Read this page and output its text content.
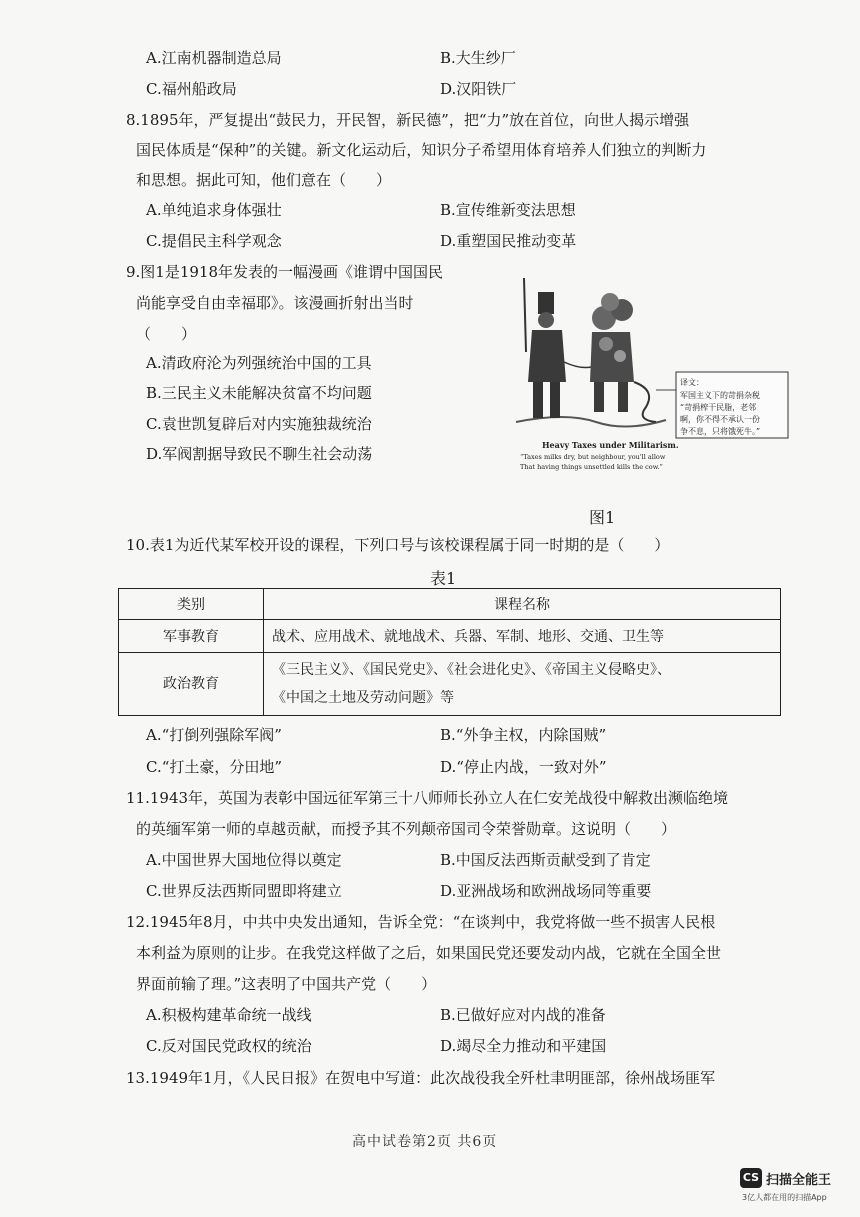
A.江南机器制造总局	B.大生纱厂
C.福州船政局	D.汉阳铁厂
8.1895年，严复提出“鼓民力，开民智，新民德”，把“力”放在首位，向世人揭示增强
国民体质是“保种”的关键。新文化运动后，知识分子希望用体育培养人们独立的判断力
和思想。据此可知，他们意在（　　）
A.单纯追求身体强壮	B.宣传维新变法思想
C.提倡民主科学观念	D.重塑国民推动变革
9.图1是1918年发表的一幅漫画《谁谓中国国民
尚能享受自由幸福耶》。该漫画折射出当时
（　　）
A.清政府沦为列强统治中国的工具
B.三民主义未能解决贫富不均问题
C.袁世凯复辟后对内实施独裁统治
D.军阀割据导致民不聊生社会动荡
译文：
军国主义下的苛捐杂税
“苛捐榨干民脂，老邻
啊，你不得不承认一份
争不息，只将饿死牛。”
Heavy Taxes under Militarism.
“Taxes milks dry, but neighbour, you'll allow
That having things unsettled kills the cow.”
图1
10.表1为近代某军校开设的课程，下列口号与该校课程属于同一时期的是（　　）
表1
类别	课程名称
军事教育	战术、应用战术、就地战术、兵器、军制、地形、交通、卫生等
政治教育	《三民主义》、《国民党史》、《社会进化史》、《帝国主义侵略史》、
《中国之土地及劳动问题》等
A.“打倒列强除军阀”	B.“外争主权，内除国贼”
C.“打土豪，分田地”	D.“停止内战，一致对外”
11.1943年，英国为表彰中国远征军第三十八师师长孙立人在仁安羌战役中解救出濒临绝境
的英缅军第一师的卓越贡献，而授予其不列颠帝国司令荣誉勋章。这说明（　　）
A.中国世界大国地位得以奠定	B.中国反法西斯贡献受到了肯定
C.世界反法西斯同盟即将建立	D.亚洲战场和欧洲战场同等重要
12.1945年8月，中共中央发出通知，告诉全党：“在谈判中，我党将做一些不损害人民根
本利益为原则的让步。在我党这样做了之后，如果国民党还要发动内战，它就在全国全世
界面前输了理。”这表明了中国共产党（　　）
A.积极构建革命统一战线	B.已做好应对内战的准备
C.反对国民党政权的统治	D.竭尽全力推动和平建国
13.1949年1月，《人民日报》在贺电中写道：此次战役我全歼杜聿明匪部，徐州战场匪军
高中试卷第2页 共6页
CS 扫描全能王
3亿人都在用的扫描App
